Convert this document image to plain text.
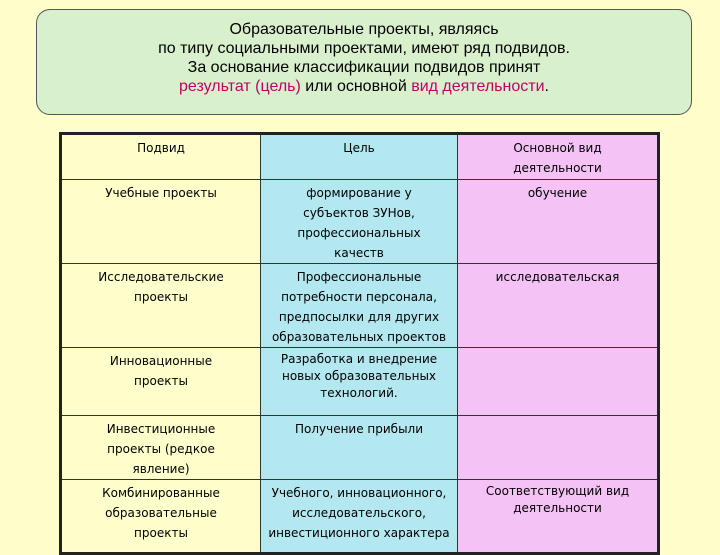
Образовательные проекты, являясь
по типу социальными проектами, имеют ряд подвидов.
За основание классификации подвидов принят
результат (цель) или основной вид деятельности.
Подвид	Цель	Основной вид деятельности
Учебные проекты	формирование у субъектов ЗУНов, профессиональных качеств	обучение
Исследовательские проекты	Профессиональные потребности персонала, предпосылки для других образовательных проектов	исследовательская
Инновационные проекты	Разработка и внедрение новых образовательных технологий.	
Инвестиционные проекты (редкое явление)	Получение прибыли	
Комбинированные образовательные проекты	Учебного, инновационного, исследовательского, инвестиционного характера	Соответствующий вид деятельности
